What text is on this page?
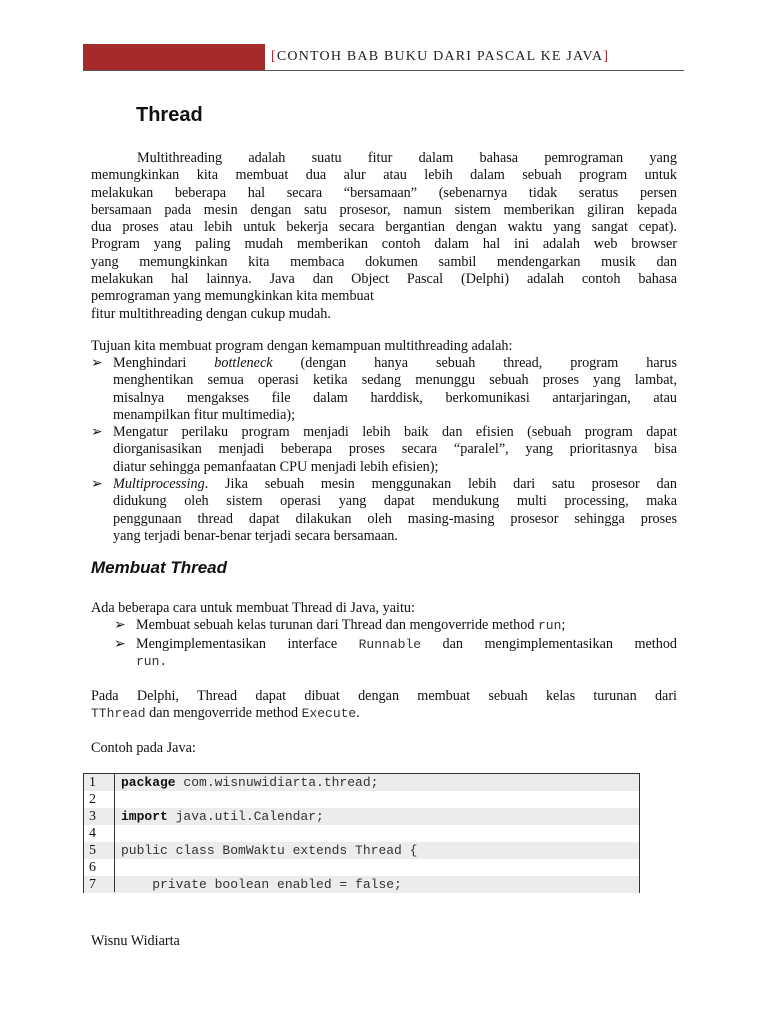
[CONTOH BAB BUKU DARI PASCAL KE JAVA]
Thread
Multithreading adalah suatu fitur dalam bahasa pemrograman yang
memungkinkan kita membuat dua alur atau lebih dalam sebuah program untuk
melakukan beberapa hal secara “bersamaan” (sebenarnya tidak seratus persen
bersamaan pada mesin dengan satu prosesor, namun sistem memberikan giliran kepada
dua proses atau lebih untuk bekerja secara bergantian dengan waktu yang sangat cepat).
Program yang paling mudah memberikan contoh dalam hal ini adalah web browser
yang memungkinkan kita membaca dokumen sambil mendengarkan musik dan
melakukan hal lainnya. Java dan Object Pascal (Delphi) adalah contoh bahasa
pemrograman yang memungkinkan kita membuat
fitur multithreading dengan cukup mudah.
Tujuan kita membuat program dengan kemampuan multithreading adalah:
➢ Menghindari bottleneck (dengan hanya sebuah thread, program harus
menghentikan semua operasi ketika sedang menunggu sebuah proses yang lambat,
misalnya mengakses file dalam harddisk, berkomunikasi antarjaringan, atau
menampilkan fitur multimedia);
➢ Mengatur perilaku program menjadi lebih baik dan efisien (sebuah program dapat
diorganisasikan menjadi beberapa proses secara “paralel”, yang prioritasnya bisa
diatur sehingga pemanfaatan CPU menjadi lebih efisien);
➢ Multiprocessing. Jika sebuah mesin menggunakan lebih dari satu prosesor dan
didukung oleh sistem operasi yang dapat mendukung multi processing, maka
penggunaan thread dapat dilakukan oleh masing-masing prosesor sehingga proses
yang terjadi benar-benar terjadi secara bersamaan.
Membuat Thread
Ada beberapa cara untuk membuat Thread di Java, yaitu:
➢ Membuat sebuah kelas turunan dari Thread dan mengoverride method run;
➢ Mengimplementasikan interface Runnable dan mengimplementasikan method
run.
Pada Delphi, Thread dapat dibuat dengan membuat sebuah kelas turunan dari
TThread dan mengoverride method Execute.
Contoh pada Java:
1 package com.wisnuwidiarta.thread;
2
3 import java.util.Calendar;
4
5 public class BomWaktu extends Thread {
6
7 private boolean enabled = false;
Wisnu Widiarta
